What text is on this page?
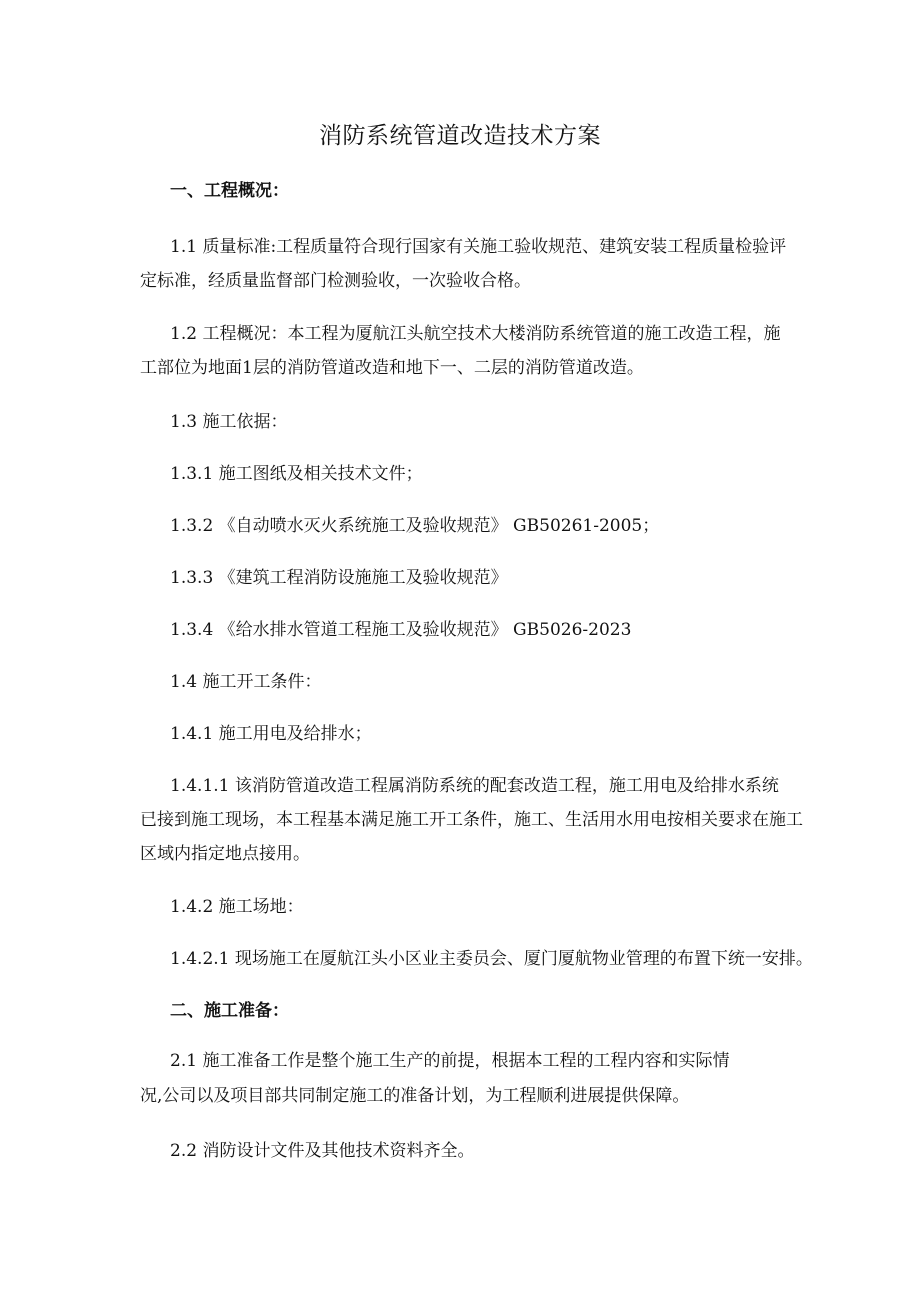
消防系统管道改造技术方案
一、工程概况：
1.1 质量标准:工程质量符合现行国家有关施工验收规范、建筑安装工程质量检验评
定标准，经质量监督部门检测验收，一次验收合格。
1.2 工程概况：本工程为厦航江头航空技术大楼消防系统管道的施工改造工程，施
工部位为地面1层的消防管道改造和地下一、二层的消防管道改造。
1.3 施工依据：
1.3.1 施工图纸及相关技术文件；
1.3.2 《自动喷水灭火系统施工及验收规范》 GB50261-2005；
1.3.3 《建筑工程消防设施施工及验收规范》
1.3.4 《给水排水管道工程施工及验收规范》 GB5026-2023
1.4 施工开工条件：
1.4.1 施工用电及给排水；
1.4.1.1 该消防管道改造工程属消防系统的配套改造工程，施工用电及给排水系统
已接到施工现场，本工程基本满足施工开工条件，施工、生活用水用电按相关要求在施工
区域内指定地点接用。
1.4.2 施工场地：
1.4.2.1 现场施工在厦航江头小区业主委员会、厦门厦航物业管理的布置下统一安排。
二、施工准备：
2.1 施工准备工作是整个施工生产的前提，根据本工程的工程内容和实际情
况,公司以及项目部共同制定施工的准备计划，为工程顺利进展提供保障。
2.2 消防设计文件及其他技术资料齐全。
